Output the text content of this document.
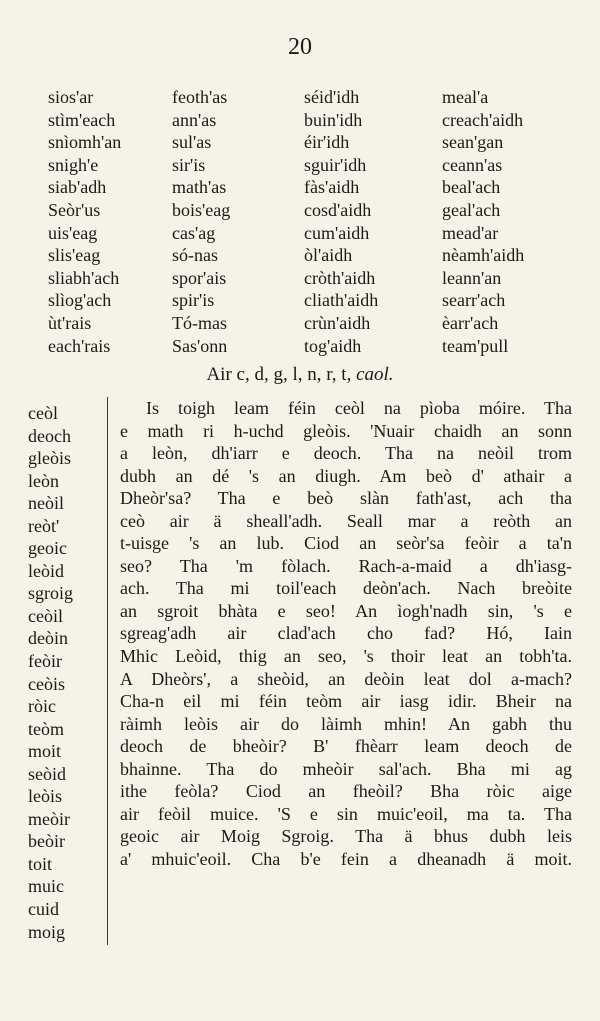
20
sios'ar	feoth'as	séid'idh	meal'a
stìm'each	ann'as	buin'idh	creach'aidh
snìomh'an	sul'as	éir'idh	sean'gan
snigh'e	sir'is	sguir'idh	ceann'as
siab'adh	math'as	fàs'aidh	beal'ach
Seòr'us	bois'eag	cosd'aidh	geal'ach
uis'eag	cas'ag	cum'aidh	mead'ar
slis'eag	só-nas	òl'aidh	nèamh'aidh
sliabh'ach	spor'ais	cròth'aidh	leann'an
slìog'ach	spir'is	cliath'aidh	searr'ach
ùt'rais	Tó-mas	crùn'aidh	èarr'ach
each'rais	Sas'onn	tog'aidh	team'pull
Air c, d, g, l, n, r, t, caol.
ceòl
deoch
gleòis
leòn
neòil
reòt'
geoic
leòid
sgroig
ceòil
deòin
feòir
ceòis
ròic
teòm
moit
seòid
leòis
meòir
beòir
toit
muic
cuid
moig
Is toigh leam féin ceòl na pìoba móire. Tha
e math ri h-uchd gleòis. 'Nuair chaidh an sonn
a leòn, dh'iarr e deoch. Tha na neòil trom
dubh an dé 's an diugh. Am beò d' athair a
Dheòr'sa? Tha e beò slàn fath'ast, ach tha
ceò air ä sheall'adh. Seall mar a reòth an
t-uisge 's an lub. Ciod an seòr'sa feòir a ta'n
seo? Tha 'm fòlach. Rach-a-maid a dh'iasg-
ach. Tha mi toil'each deòn'ach. Nach breòite
an sgroit bhàta e seo! An ìogh'nadh sin, 's e
sgreag'adh air clad'ach cho fad? Hó, Iain
Mhic Leòid, thig an seo, 's thoir leat an tobh'ta.
A Dheòrs', a sheòid, an deòin leat dol a-mach?
Cha-n eil mi féin teòm air iasg idir. Bheir na
ràimh leòis air do làimh mhin! An gabh thu
deoch de bheòir? B' fhèarr leam deoch de
bhainne. Tha do mheòir sal'ach. Bha mi ag
ithe feòla? Ciod an fheòil? Bha ròic aige
air feòil muice. 'S e sin muic'eoil, ma ta. Tha
geoic air Moig Sgroig. Tha ä bhus dubh leis
a' mhuic'eoil. Cha b'e fein a dheanadh ä moit.
